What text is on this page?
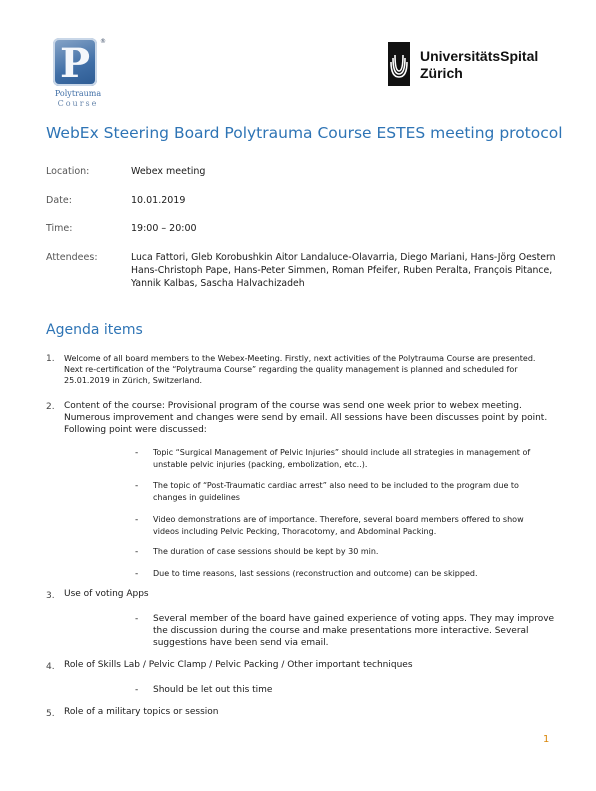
P	®
Polytrauma
Course
UniversitätsSpital
Zürich
WebEx Steering Board Polytrauma Course ESTES meeting protocol
Location:	Webex meeting
Date:	10.01.2019
Time:	19:00 – 20:00
Attendees:	Luca Fattori, Gleb Korobushkin Aitor Landaluce-Olavarria, Diego Mariani, Hans-Jörg Oestern
Hans-Christoph Pape, Hans-Peter Simmen, Roman Pfeifer, Ruben Peralta, François Pitance,
Yannik Kalbas, Sascha Halvachizadeh
Agenda items
1. Welcome of all board members to the Webex-Meeting. Firstly, next activities of the Polytrauma Course are presented.
Next re-certification of the “Polytrauma Course” regarding the quality management is planned and scheduled for
25.01.2019 in Zürich, Switzerland.
2. Content of the course: Provisional program of the course was send one week prior to webex meeting.
Numerous improvement and changes were send by email. All sessions have been discusses point by point.
Following point were discussed:
- Topic “Surgical Management of Pelvic Injuries” should include all strategies in management of
unstable pelvic injuries (packing, embolization, etc..).
- The topic of “Post-Traumatic cardiac arrest” also need to be included to the program due to
changes in guidelines
- Video demonstrations are of importance. Therefore, several board members offered to show
videos including Pelvic Pecking, Thoracotomy, and Abdominal Packing.
- The duration of case sessions should be kept by 30 min.
- Due to time reasons, last sessions (reconstruction and outcome) can be skipped.
3. Use of voting Apps
- Several member of the board have gained experience of voting apps. They may improve
the discussion during the course and make presentations more interactive. Several
suggestions have been send via email.
4. Role of Skills Lab / Pelvic Clamp / Pelvic Packing / Other important techniques
- Should be let out this time
5. Role of a military topics or session
1
